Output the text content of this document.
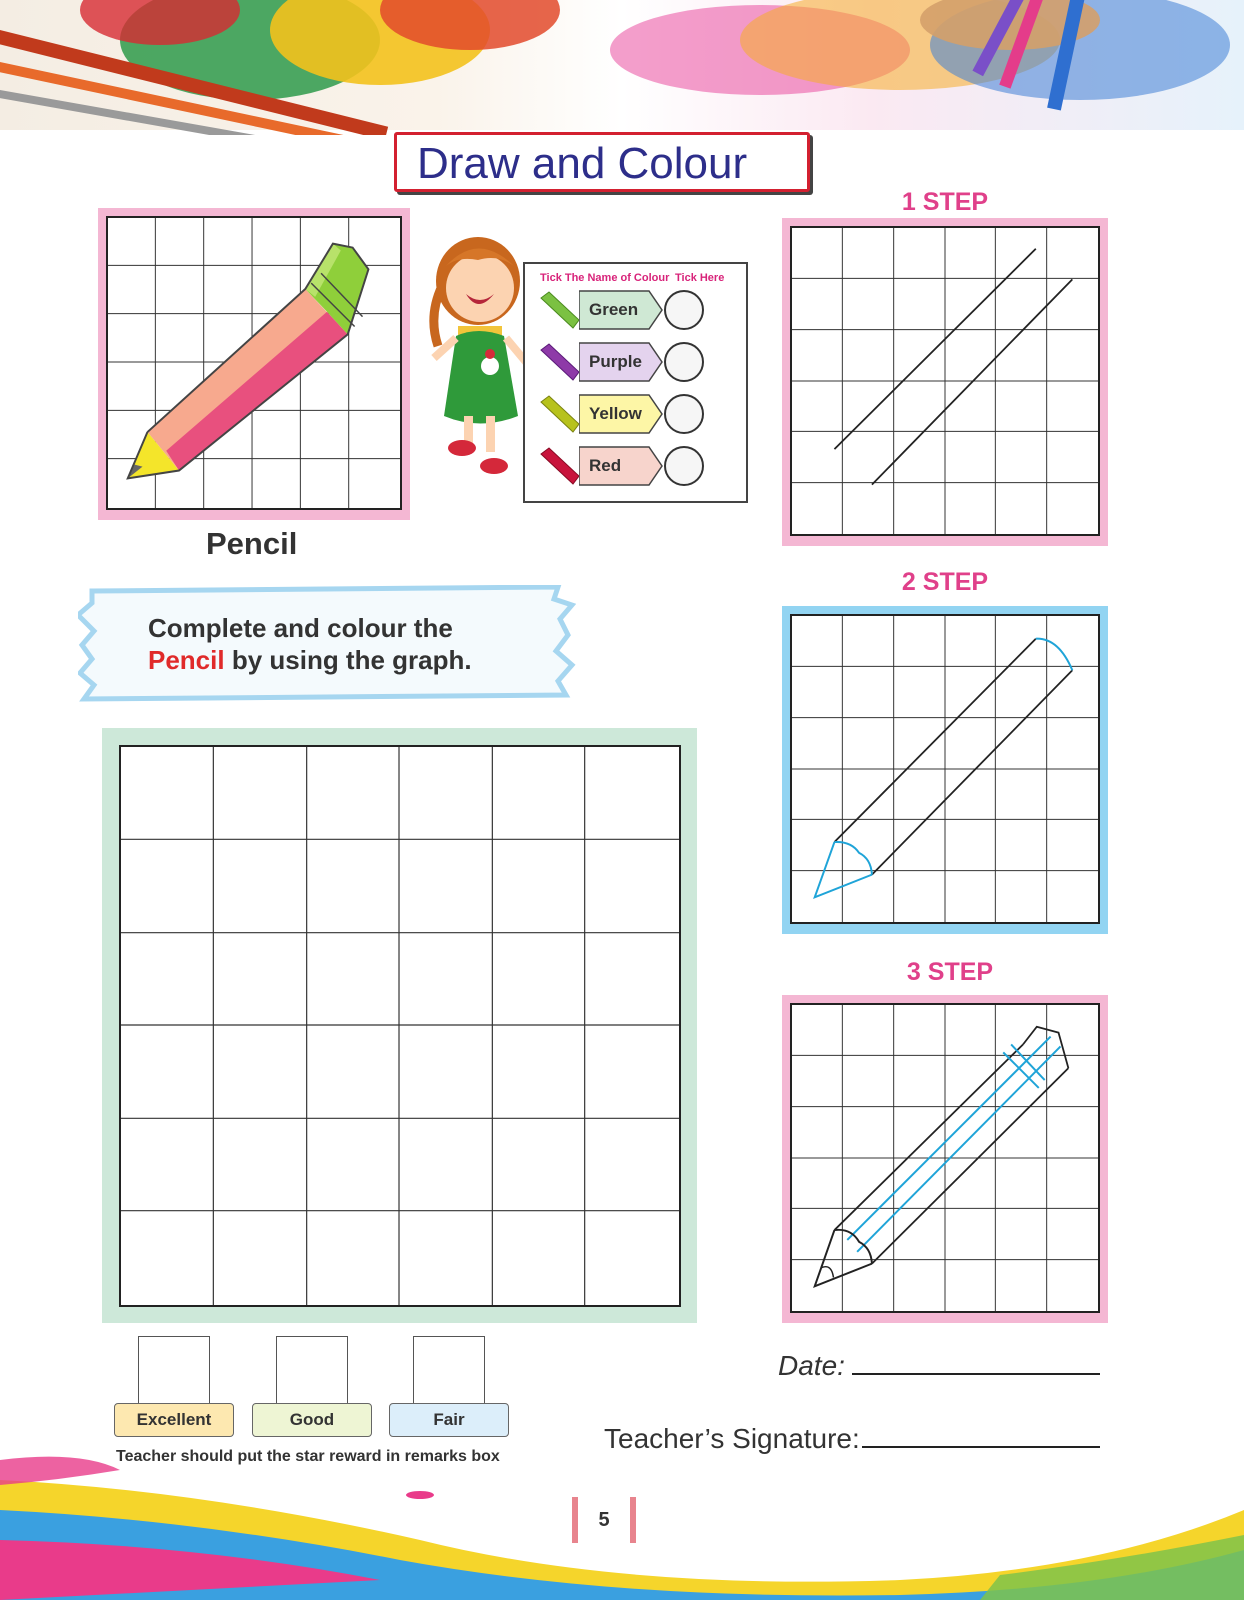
Draw and Colour
Pencil
Tick The Name of Colour Tick Here
Green
Purple
Yellow
Red
Complete and colour the
Pencil by using the graph.
1 STEP
2 STEP
3 STEP
Excellent	Good	Fair
Teacher should put the star reward in remarks box
Date:
Teacher’s Signature:
5
